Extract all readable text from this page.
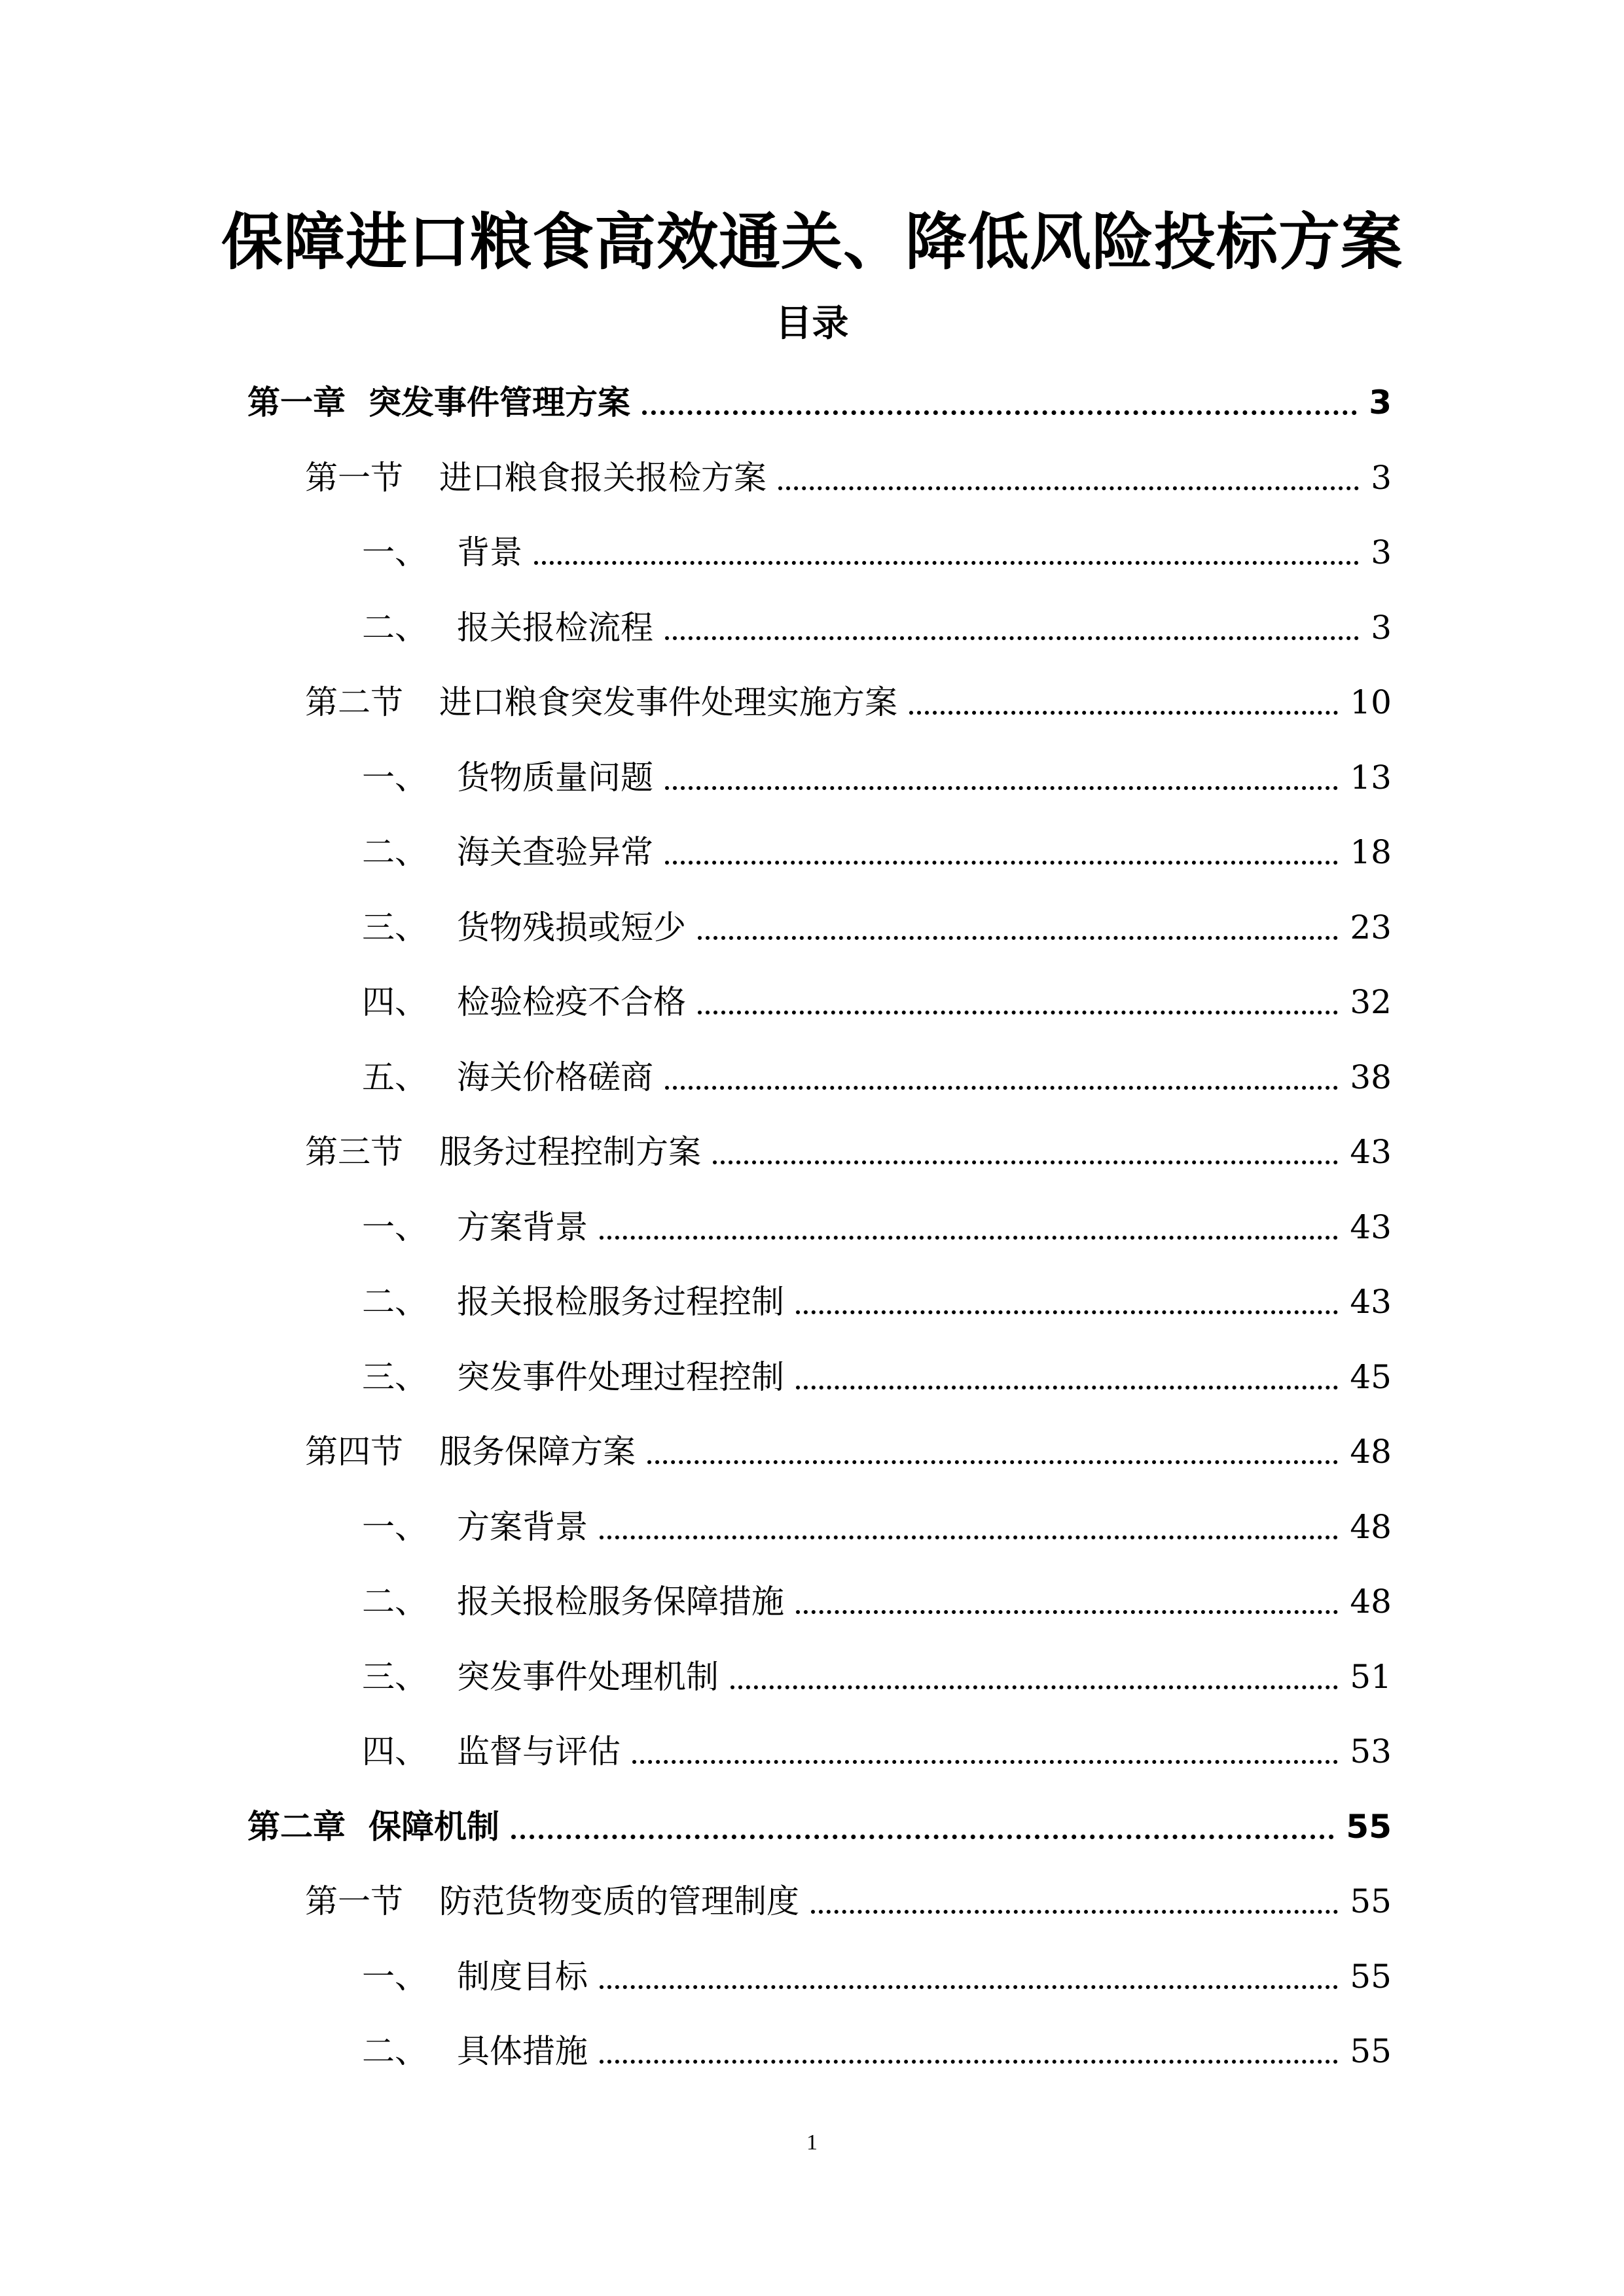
保障进口粮食高效通关、降低风险投标方案
目录
第一章 突发事件管理方案	3
第一节	进口粮食报关报检方案	3
一、 背景	3
二、 报关报检流程	3
第二节	进口粮食突发事件处理实施方案	10
一、 货物质量问题	13
二、 海关查验异常	18
三、 货物残损或短少	23
四、 检验检疫不合格	32
五、 海关价格磋商	38
第三节	服务过程控制方案	43
一、 方案背景	43
二、 报关报检服务过程控制	43
三、 突发事件处理过程控制	45
第四节	服务保障方案	48
一、 方案背景	48
二、 报关报检服务保障措施	48
三、 突发事件处理机制	51
四、 监督与评估	53
第二章 保障机制	55
第一节	防范货物变质的管理制度	55
一、 制度目标	55
二、 具体措施	55
1
